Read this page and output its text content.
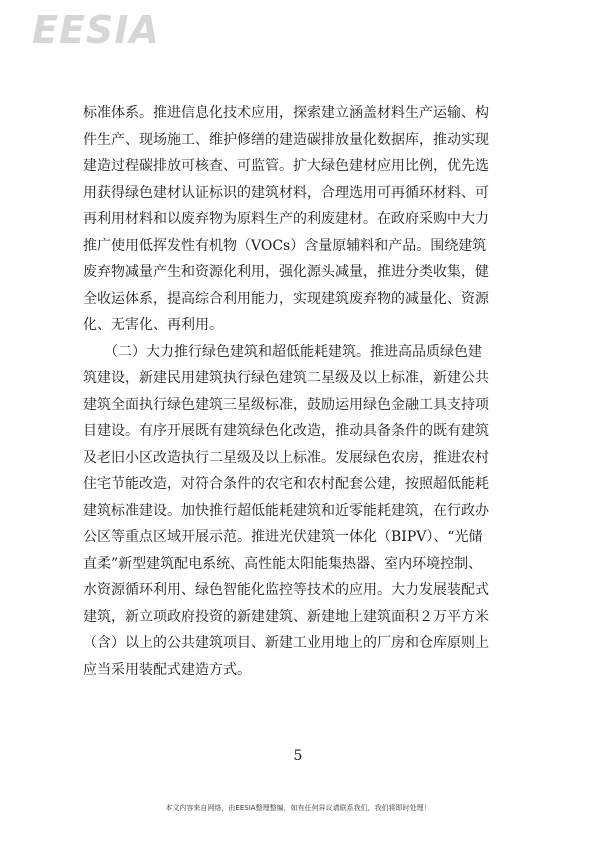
EESIA
标准体系。推进信息化技术应用，探索建立涵盖材料生产运输、构
件生产、现场施工、维护修缮的建造碳排放量化数据库，推动实现
建造过程碳排放可核查、可监管。扩大绿色建材应用比例，优先选
用获得绿色建材认证标识的建筑材料，合理选用可再循环材料、可
再利用材料和以废弃物为原料生产的利废建材。在政府采购中大力
推广使用低挥发性有机物（VOCs）含量原辅料和产品。围绕建筑
废弃物减量产生和资源化利用，强化源头减量，推进分类收集，健
全收运体系，提高综合利用能力，实现建筑废弃物的减量化、资源
化、无害化、再利用。
　　（二）大力推行绿色建筑和超低能耗建筑。推进高品质绿色建
筑建设，新建民用建筑执行绿色建筑二星级及以上标准，新建公共
建筑全面执行绿色建筑三星级标准，鼓励运用绿色金融工具支持项
目建设。有序开展既有建筑绿色化改造，推动具备条件的既有建筑
及老旧小区改造执行二星级及以上标准。发展绿色农房，推进农村
住宅节能改造，对符合条件的农宅和农村配套公建，按照超低能耗
建筑标准建设。加快推行超低能耗建筑和近零能耗建筑，在行政办
公区等重点区域开展示范。推进光伏建筑一体化（BIPV）、“光储
直柔”新型建筑配电系统、高性能太阳能集热器、室内环境控制、
水资源循环利用、绿色智能化监控等技术的应用。大力发展装配式
建筑，新立项政府投资的新建建筑、新建地上建筑面积２万平方米
（含）以上的公共建筑项目、新建工业用地上的厂房和仓库原则上
应当采用装配式建造方式。
5
本文内容来自网络，由EESIA整理整编，如有任何异议请联系我们，我们将即时处理！
